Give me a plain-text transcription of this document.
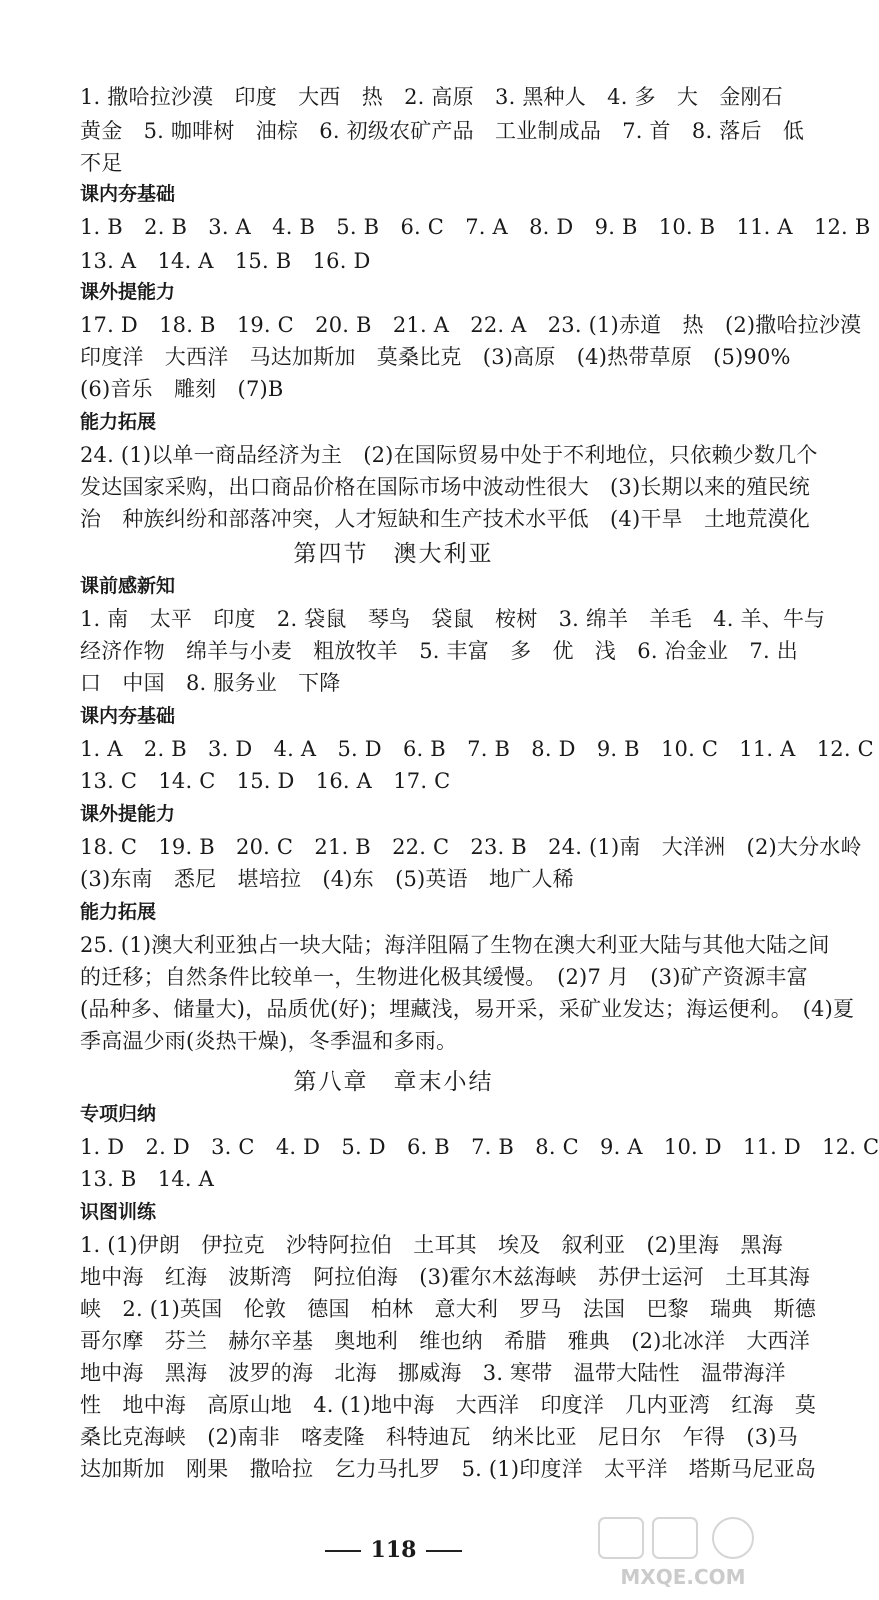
1. 撒哈拉沙漠　印度　大西　热　2. 高原　3. 黑种人　4. 多　大　金刚石
黄金　5. 咖啡树　油棕　6. 初级农矿产品　工业制成品　7. 首　8. 落后　低
不足
课内夯基础
1. B　2. B　3. A　4. B　5. B　6. C　7. A　8. D　9. B　10. B　11. A　12. B
13. A　14. A　15. B　16. D
课外提能力
17. D　18. B　19. C　20. B　21. A　22. A　23. (1)赤道　热　(2)撒哈拉沙漠
印度洋　大西洋　马达加斯加　莫桑比克　(3)高原　(4)热带草原　(5)90%
(6)音乐　雕刻　(7)B
能力拓展
24. (1)以单一商品经济为主　(2)在国际贸易中处于不利地位，只依赖少数几个
发达国家采购，出口商品价格在国际市场中波动性很大　(3)长期以来的殖民统
治　种族纠纷和部落冲突，人才短缺和生产技术水平低　(4)干旱　土地荒漠化
第四节　澳大利亚
课前感新知
1. 南　太平　印度　2. 袋鼠　琴鸟　袋鼠　桉树　3. 绵羊　羊毛　4. 羊、牛与
经济作物　绵羊与小麦　粗放牧羊　5. 丰富　多　优　浅　6. 冶金业　7. 出
口　中国　8. 服务业　下降
课内夯基础
1. A　2. B　3. D　4. A　5. D　6. B　7. B　8. D　9. B　10. C　11. A　12. C
13. C　14. C　15. D　16. A　17. C
课外提能力
18. C　19. B　20. C　21. B　22. C　23. B　24. (1)南　大洋洲　(2)大分水岭
(3)东南　悉尼　堪培拉　(4)东　(5)英语　地广人稀
能力拓展
25. (1)澳大利亚独占一块大陆；海洋阻隔了生物在澳大利亚大陆与其他大陆之间
的迁移；自然条件比较单一，生物进化极其缓慢。　(2)7 月　(3)矿产资源丰富
(品种多、储量大)，品质优(好)；埋藏浅，易开采，采矿业发达；海运便利。　(4)夏
季高温少雨(炎热干燥)，冬季温和多雨。
第八章　章末小结
专项归纳
1. D　2. D　3. C　4. D　5. D　6. B　7. B　8. C　9. A　10. D　11. D　12. C
13. B　14. A
识图训练
1. (1)伊朗　伊拉克　沙特阿拉伯　土耳其　埃及　叙利亚　(2)里海　黑海
地中海　红海　波斯湾　阿拉伯海　(3)霍尔木兹海峡　苏伊士运河　土耳其海
峡　2. (1)英国　伦敦　德国　柏林　意大利　罗马　法国　巴黎　瑞典　斯德
哥尔摩　芬兰　赫尔辛基　奥地利　维也纳　希腊　雅典　(2)北冰洋　大西洋
地中海　黑海　波罗的海　北海　挪威海　3. 寒带　温带大陆性　温带海洋
性　地中海　高原山地　4. (1)地中海　大西洋　印度洋　几内亚湾　红海　莫
桑比克海峡　(2)南非　喀麦隆　科特迪瓦　纳米比亚　尼日尔　乍得　(3)马
达加斯加　刚果　撒哈拉　乞力马扎罗　5. (1)印度洋　太平洋　塔斯马尼亚岛
118
MXQE.COM
